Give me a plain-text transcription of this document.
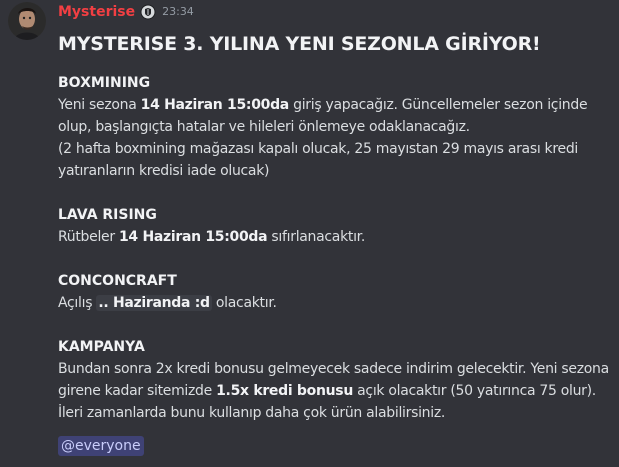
Mysterise 23:34
MYSTERISE 3. YILINA YENI SEZONLA GİRİYOR!
BOXMINING
Yeni sezona 14 Haziran 15:00da giriş yapacağız. Güncellemeler sezon içinde
olup, başlangıçta hatalar ve hileleri önlemeye odaklanacağız.
(2 hafta boxmining mağazası kapalı olucak, 25 mayıstan 29 mayıs arası kredi
yatıranların kredisi iade olucak)
LAVA RISING
Rütbeler 14 Haziran 15:00da sıfırlanacaktır.
CONCONCRAFT
Açılış .. Haziranda :d olacaktır.
KAMPANYA
Bundan sonra 2x kredi bonusu gelmeyecek sadece indirim gelecektir. Yeni sezona
girene kadar sitemizde 1.5x kredi bonusu açık olacaktır (50 yatırınca 75 olur).
İleri zamanlarda bunu kullanıp daha çok ürün alabilirsiniz.
@everyone
